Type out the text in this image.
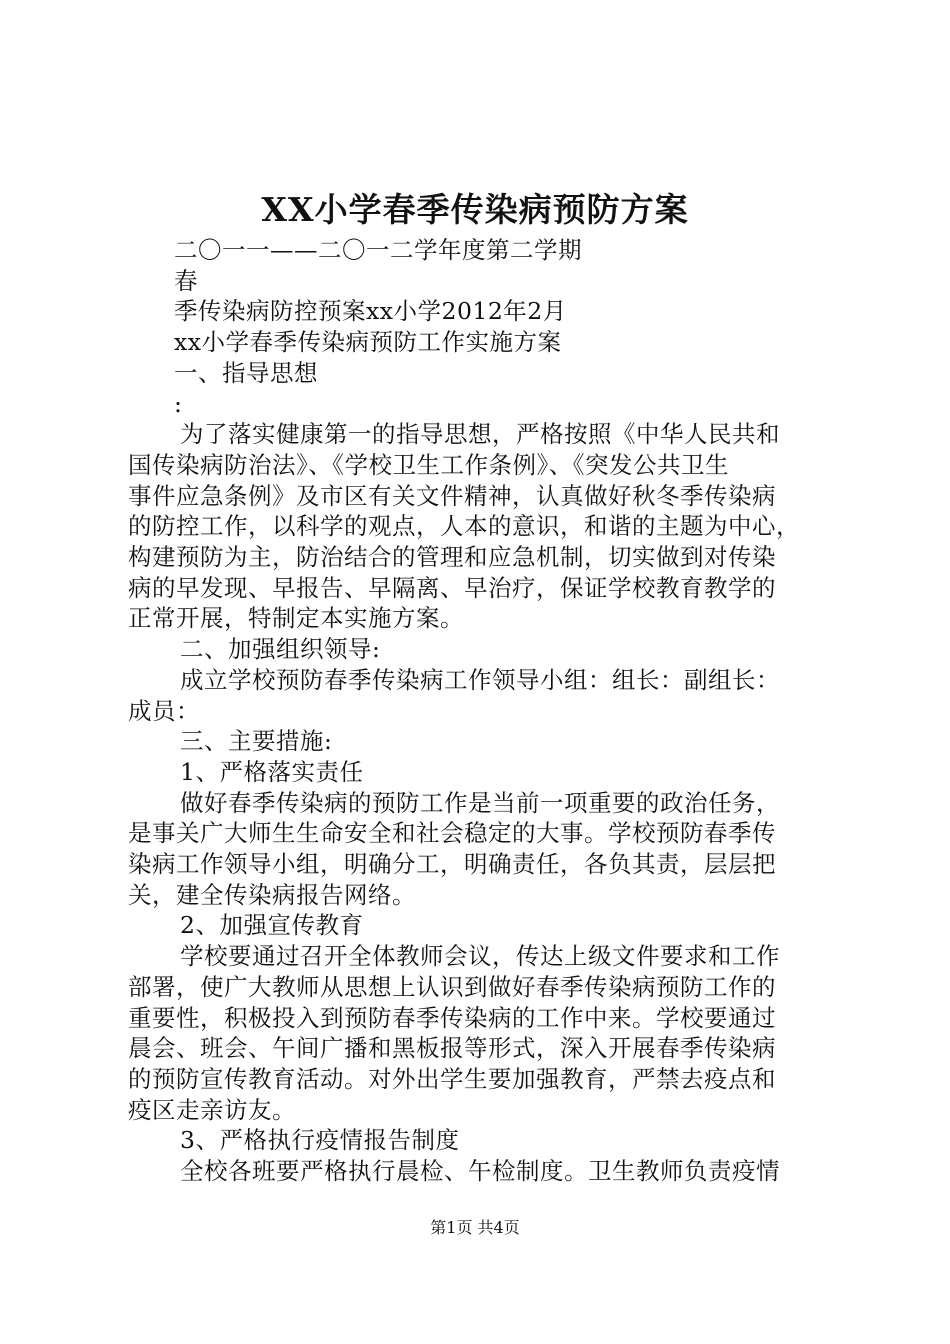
XX小学春季传染病预防方案
二〇一一——二〇一二学年度第二学期
春
季传染病防控预案xx小学2012年2月
xx小学春季传染病预防工作实施方案
一、指导思想
:
为了落实健康第一的指导思想，严格按照《中华人民共和
国传染病防治法》、《学校卫生工作条例》、《突发公共卫生
事件应急条例》及市区有关文件精神，认真做好秋冬季传染病
的防控工作，以科学的观点，人本的意识，和谐的主题为中心，
构建预防为主，防治结合的管理和应急机制，切实做到对传染
病的早发现、早报告、早隔离、早治疗，保证学校教育教学的
正常开展，特制定本实施方案。
二、加强组织领导:
成立学校预防春季传染病工作领导小组：组长：副组长：
成员：
三、主要措施:
1、严格落实责任
做好春季传染病的预防工作是当前一项重要的政治任务，
是事关广大师生生命安全和社会稳定的大事。学校预防春季传
染病工作领导小组，明确分工，明确责任，各负其责，层层把
关，建全传染病报告网络。
2、加强宣传教育
学校要通过召开全体教师会议，传达上级文件要求和工作
部署，使广大教师从思想上认识到做好春季传染病预防工作的
重要性，积极投入到预防春季传染病的工作中来。学校要通过
晨会、班会、午间广播和黑板报等形式，深入开展春季传染病
的预防宣传教育活动。对外出学生要加强教育，严禁去疫点和
疫区走亲访友。
3、严格执行疫情报告制度
全校各班要严格执行晨检、午检制度。卫生教师负责疫情
第1页 共4页
